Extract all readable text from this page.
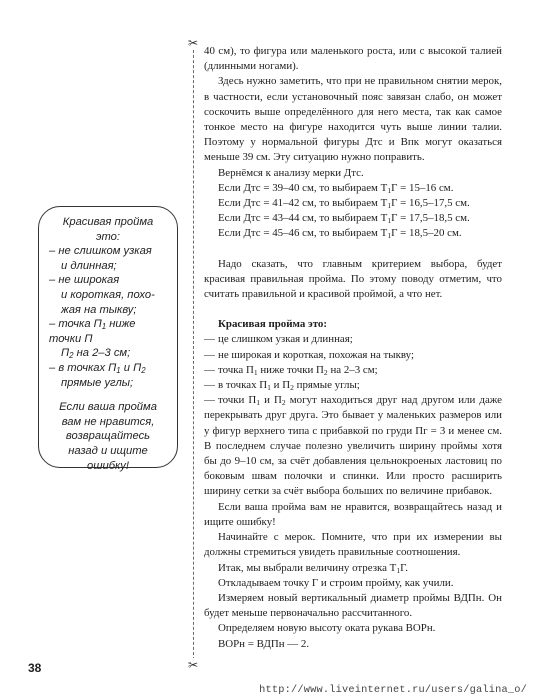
✂
✂
Красивая пройма
это:
– не слишком узкая
и длинная;
– не широкая
и короткая, похо-
жая на тыкву;
– точка $П_1$ ниже точки П
$П_2$ на 2–3 см;
– в точках $П_1$ и $П_2$
прямые углы;
Если ваша пройма
вам не нравится,
возвращайтесь
назад и ищите
ошибку!

40 см), то фигура или маленького роста, или с высокой талией (длинными ногами).

Здесь нужно заметить, что при не правильном снятии мерок, в частности, если установочный пояс завязан слабо, он может соскочить выше определённого для него места, так как самое тонкое место на фигуре находится чуть выше линии талии. Поэтому у нормальной фигуры Дтс и Впк могут оказаться меньше 39 см. Эту ситуацию нужно поправить.

Вернёмся к анализу мерки Дтс.

Если Дтс = 39–40 см, то выбираем $Т_1Г = 15-16$ см.

Если Дтс = 41–42 см, то выбираем $Т_1Г = 16,5-17,5$ см.

Если Дтс = 43–44 см, то выбираем $Т_1Г = 17,5-18,5$ см.

Если Дтс = 45–46 см, то выбираем $Т_1Г = 18,5-20$ см.

Надо сказать, что главным критерием выбора, будет красивая правильная пройма. По этому поводу отметим, что считать правильной и красивой проймой, а что нет.

Красивая пройма это:

— це слишком узкая и длинная;

— не широкая и короткая, похожая на тыкву;

— точка $П_1$ ниже точки $П_2$ на 2–3 см;

— в точках $П_1$ и $П_2$ прямые углы;

— точки $П_1$ и $П_2$ могут находиться друг над другом или даже перекрывать друг друга. Это бывает у маленьких размеров или у фигур верхнего типа с прибавкой по груди Пг = 3 и менее см. В последнем случае полезно увеличить ширину проймы хотя бы до 9–10 см, за счёт добавления цельнокроеных ластовиц по боковым швам полочки и спинки. Или просто расширить ширину сетки за счёт выбора больших по величине прибавок.

Если ваша пройма вам не нравится, возвращайтесь назад и ищите ошибку!

Начинайте с мерок. Помните, что при их измерении вы должны стремиться увидеть правильные соотношения.

Итак, мы выбрали величину отрезка $Т_1Г$.

Откладываем точку Г и строим пройму, как учили.

Измеряем новый вертикальный диаметр проймы ВДПн. Он будет меньше первоначально рассчитанного.

Определяем новую высоту оката рукава ВОРн.

ВОРн = ВДПн — 2.

38
http://www.liveinternet.ru/users/galina_o/
